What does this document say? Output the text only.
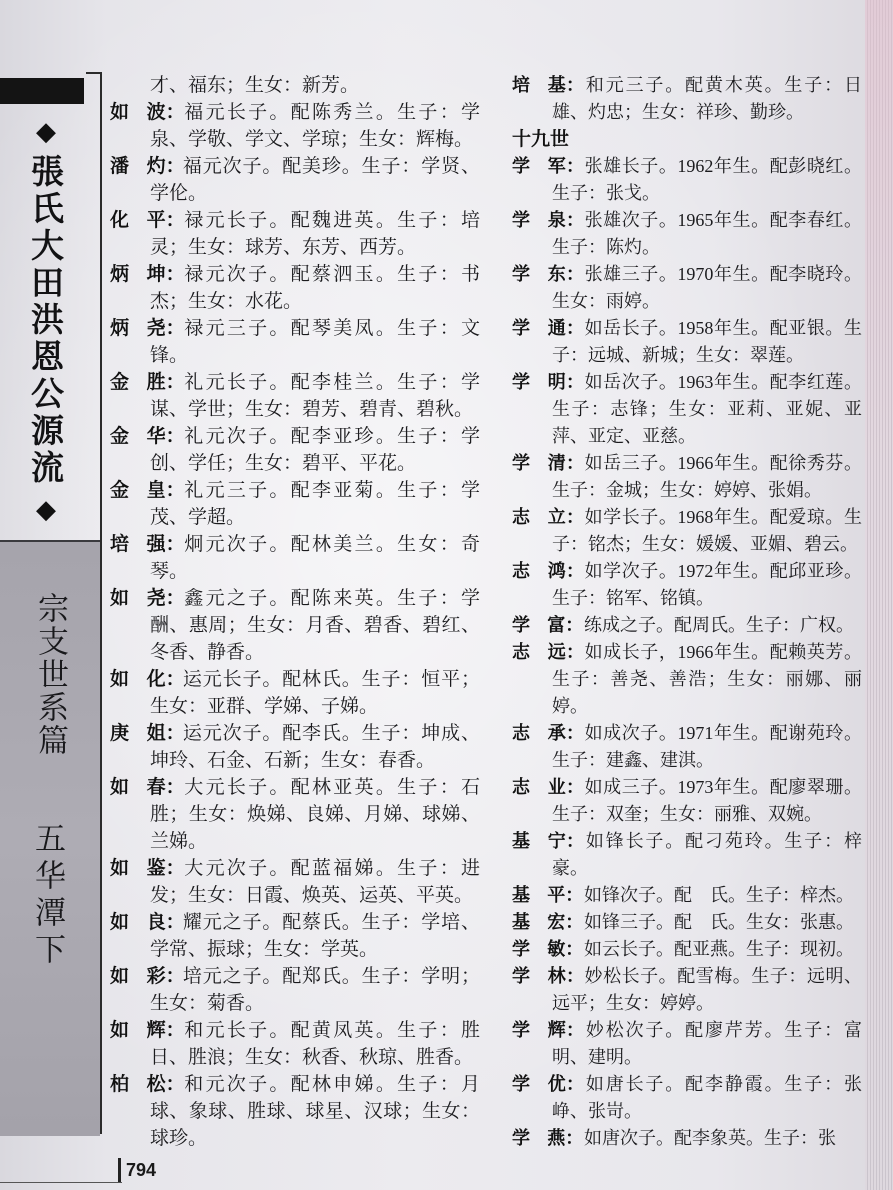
◆
張氏大田洪恩公源流
◆
宗支世系篇
五华潭下
才、福东；生女：新芳。
如 波：福元长子。配陈秀兰。生子：学
泉、学敬、学文、学琼；生女：辉梅。
潘 灼：福元次子。配美珍。生子：学贤、
学伦。
化 平：禄元长子。配魏进英。生子：培
灵；生女：球芳、东芳、西芳。
炳 坤：禄元次子。配蔡泗玉。生子：书
杰；生女：水花。
炳 尧：禄元三子。配琴美凤。生子：文
锋。
金 胜：礼元长子。配李桂兰。生子：学
谋、学世；生女：碧芳、碧青、碧秋。
金 华：礼元次子。配李亚珍。生子：学
创、学任；生女：碧平、平花。
金 皇：礼元三子。配李亚菊。生子：学
茂、学超。
培 强：炯元次子。配林美兰。生女：奇
琴。
如 尧：鑫元之子。配陈来英。生子：学
酬、惠周；生女：月香、碧香、碧红、
冬香、静香。
如 化：运元长子。配林氏。生子：恒平；
生女：亚群、学娣、子娣。
庚 姐：运元次子。配李氏。生子：坤成、
坤玲、石金、石新；生女：春香。
如 春：大元长子。配林亚英。生子：石
胜；生女：焕娣、良娣、月娣、球娣、
兰娣。
如 鉴：大元次子。配蓝福娣。生子：进
发；生女：日霞、焕英、运英、平英。
如 良：耀元之子。配蔡氏。生子：学培、
学常、振球；生女：学英。
如 彩：培元之子。配郑氏。生子：学明；
生女：菊香。
如 辉：和元长子。配黄凤英。生子：胜
日、胜浪；生女：秋香、秋琼、胜香。
柏 松：和元次子。配林申娣。生子：月
球、象球、胜球、球星、汉球；生女：
球珍。
培 基：和元三子。配黄木英。生子：日
雄、灼忠；生女：祥珍、勤珍。
十九世
学 军：张雄长子。1962年生。配彭晓红。
生子：张戈。
学 泉：张雄次子。1965年生。配李春红。
生子：陈灼。
学 东：张雄三子。1970年生。配李晓玲。
生女：雨婷。
学 通：如岳长子。1958年生。配亚银。生
子：远城、新城；生女：翠莲。
学 明：如岳次子。1963年生。配李红莲。
生子：志锋；生女：亚莉、亚妮、亚
萍、亚定、亚慈。
学 清：如岳三子。1966年生。配徐秀芬。
生子：金城；生女：婷婷、张娟。
志 立：如学长子。1968年生。配爱琼。生
子：铭杰；生女：媛媛、亚媚、碧云。
志 鸿：如学次子。1972年生。配邱亚珍。
生子：铭军、铭镇。
学 富：练成之子。配周氏。生子：广权。
志 远：如成长子，1966年生。配赖英芳。
生子：善尧、善浩；生女：丽娜、丽
婷。
志 承：如成次子。1971年生。配谢苑玲。
生子：建鑫、建淇。
志 业：如成三子。1973年生。配廖翠珊。
生子：双奎；生女：丽雅、双婉。
基 宁：如锋长子。配刁苑玲。生子：梓
豪。
基 平：如锋次子。配　氏。生子：梓杰。
基 宏：如锋三子。配　氏。生女：张惠。
学 敏：如云长子。配亚燕。生子：现初。
学 林：妙松长子。配雪梅。生子：远明、
远平；生女：婷婷。
学 辉：妙松次子。配廖芹芳。生子：富
明、建明。
学 优：如唐长子。配李静霞。生子：张
峥、张岢。
学 燕：如唐次子。配李象英。生子：张
794
